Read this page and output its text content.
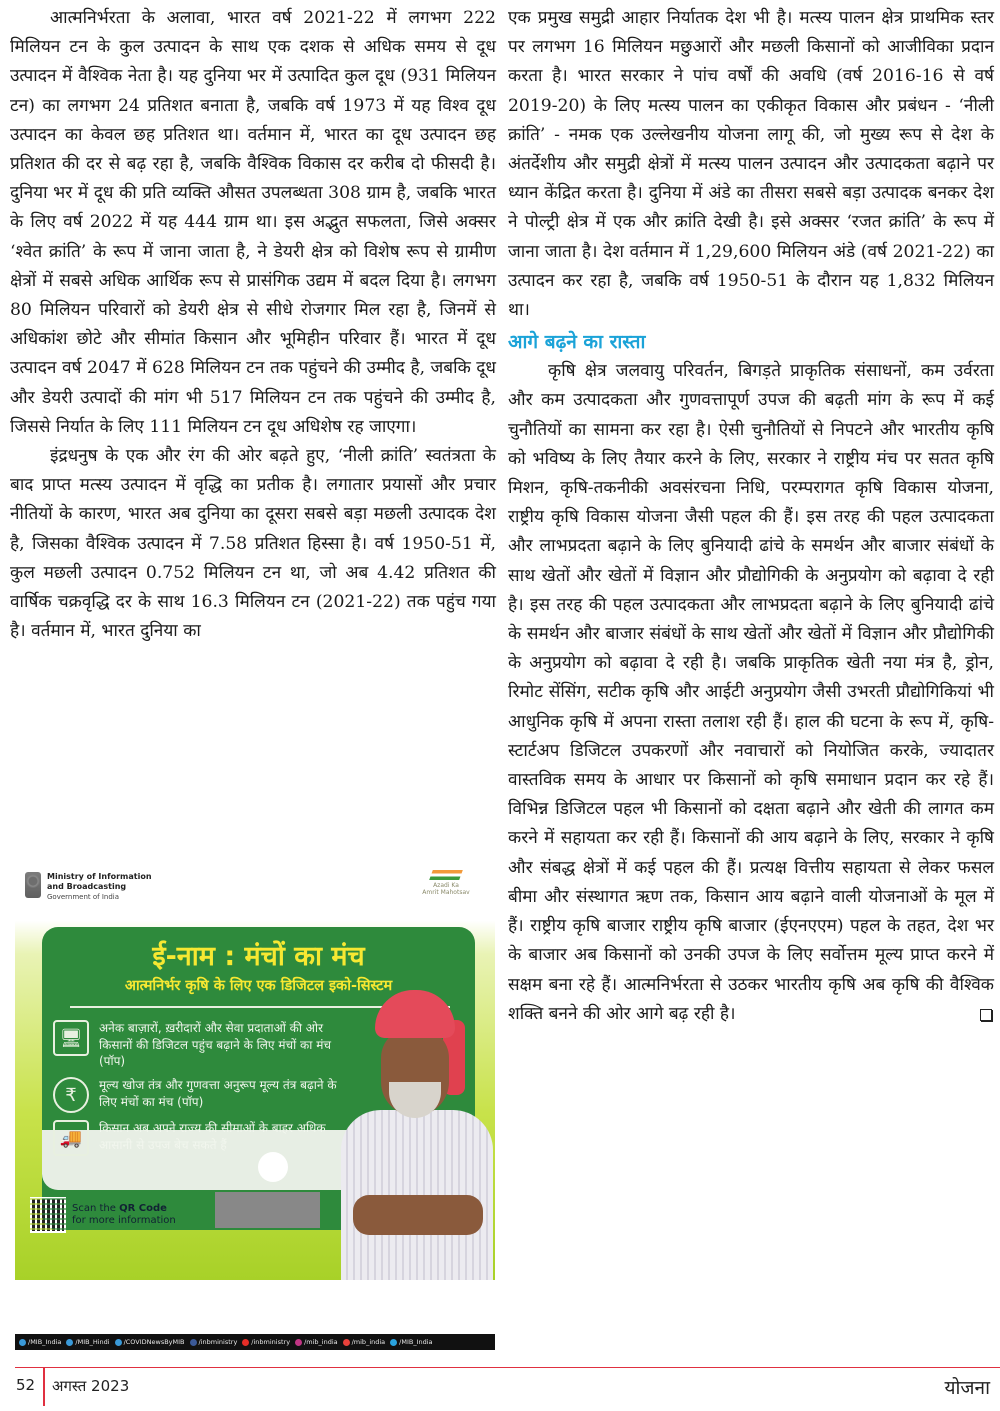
आत्मनिर्भरता के अलावा, भारत वर्ष 2021-22 में लगभग 222 मिलियन टन के कुल उत्पादन के साथ एक दशक से अधिक समय से दूध उत्पादन में वैश्विक नेता है। यह दुनिया भर में उत्पादित कुल दूध (931 मिलियन टन) का लगभग 24 प्रतिशत बनाता है, जबकि वर्ष 1973 में यह विश्व दूध उत्पादन का केवल छह प्रतिशत था। वर्तमान में, भारत का दूध उत्पादन छह प्रतिशत की दर से बढ़ रहा है, जबकि वैश्विक विकास दर करीब दो फीसदी है। दुनिया भर में दूध की प्रति व्यक्ति औसत उपलब्धता 308 ग्राम है, जबकि भारत के लिए वर्ष 2022 में यह 444 ग्राम था। इस अद्भुत सफलता, जिसे अक्सर ‘श्वेत क्रांति’ के रूप में जाना जाता है, ने डेयरी क्षेत्र को विशेष रूप से ग्रामीण क्षेत्रों में सबसे अधिक आर्थिक रूप से प्रासंगिक उद्यम में बदल दिया है। लगभग 80 मिलियन परिवारों को डेयरी क्षेत्र से सीधे रोजगार मिल रहा है, जिनमें से अधिकांश छोटे और सीमांत किसान और भूमिहीन परिवार हैं। भारत में दूध उत्पादन वर्ष 2047 में 628 मिलियन टन तक पहुंचने की उम्मीद है, जबकि दूध और डेयरी उत्पादों की मांग भी 517 मिलियन टन तक पहुंचने की उम्मीद है, जिससे निर्यात के लिए 111 मिलियन टन दूध अधिशेष रह जाएगा।

इंद्रधनुष के एक और रंग की ओर बढ़ते हुए, ‘नीली क्रांति’ स्वतंत्रता के बाद प्राप्त मत्स्य उत्पादन में वृद्धि का प्रतीक है। लगातार प्रयासों और प्रचार नीतियों के कारण, भारत अब दुनिया का दूसरा सबसे बड़ा मछली उत्पादक देश है, जिसका वैश्विक उत्पादन में 7.58 प्रतिशत हिस्सा है। वर्ष 1950-51 में, कुल मछली उत्पादन 0.752 मिलियन टन था, जो अब 4.42 प्रतिशत की वार्षिक चक्रवृद्धि दर के साथ 16.3 मिलियन टन (2021-22) तक पहुंच गया है। वर्तमान में, भारत दुनिया का

Ministry of Information
and Broadcasting
Government of India
Azadi Ka
Amrit Mahotsav
ई-नाम : मंचों का मंच
आत्मनिर्भर कृषि के लिए एक डिजिटल इको-सिस्टम
🖥	अनेक बाज़ारों, ख़रीदारों और सेवा प्रदाताओं की ओर किसानों की डिजिटल पहुंच बढ़ाने के लिए मंचों का मंच (पॉप)
₹	मूल्य खोज तंत्र और गुणवत्ता अनुरूप मूल्य तंत्र बढ़ाने के लिए मंचों का मंच (पॉप)
🚚	किसान अब अपने राज्य की सीमाओं के बाहर अधिक आसानी से उपज बेच सकते हैं
Scan the QR Code
for more information
/MIB_India /MIB_Hindi /COVIDNewsByMIB /inbministry /inbministry /mib_india /mib_india /MIB_India

एक प्रमुख समुद्री आहार निर्यातक देश भी है। मत्स्य पालन क्षेत्र प्राथमिक स्तर पर लगभग 16 मिलियन मछुआरों और मछली किसानों को आजीविका प्रदान करता है। भारत सरकार ने पांच वर्षों की अवधि (वर्ष 2016-16 से वर्ष 2019-20) के लिए मत्स्य पालन का एकीकृत विकास और प्रबंधन - ‘नीली क्रांति’ - नमक एक उल्लेखनीय योजना लागू की, जो मुख्य रूप से देश के अंतर्देशीय और समुद्री क्षेत्रों में मत्स्य पालन उत्पादन और उत्पादकता बढ़ाने पर ध्यान केंद्रित करता है। दुनिया में अंडे का तीसरा सबसे बड़ा उत्पादक बनकर देश ने पोल्ट्री क्षेत्र में एक और क्रांति देखी है। इसे अक्सर ‘रजत क्रांति’ के रूप में जाना जाता है। देश वर्तमान में 1,29,600 मिलियन अंडे (वर्ष 2021-22) का उत्पादन कर रहा है, जबकि वर्ष 1950-51 के दौरान यह 1,832 मिलियन था।

आगे बढ़ने का रास्ता

कृषि क्षेत्र जलवायु परिवर्तन, बिगड़ते प्राकृतिक संसाधनों, कम उर्वरता और कम उत्पादकता और गुणवत्तापूर्ण उपज की बढ़ती मांग के रूप में कई चुनौतियों का सामना कर रहा है। ऐसी चुनौतियों से निपटने और भारतीय कृषि को भविष्य के लिए तैयार करने के लिए, सरकार ने राष्ट्रीय मंच पर सतत कृषि मिशन, कृषि-तकनीकी अवसंरचना निधि, परम्परागत कृषि विकास योजना, राष्ट्रीय कृषि विकास योजना जैसी पहल की हैं। इस तरह की पहल उत्पादकता और लाभप्रदता बढ़ाने के लिए बुनियादी ढांचे के समर्थन और बाजार संबंधों के साथ खेतों और खेतों में विज्ञान और प्रौद्योगिकी के अनुप्रयोग को बढ़ावा दे रही है। इस तरह की पहल उत्पादकता और लाभप्रदता बढ़ाने के लिए बुनियादी ढांचे के समर्थन और बाजार संबंधों के साथ खेतों और खेतों में विज्ञान और प्रौद्योगिकी के अनुप्रयोग को बढ़ावा दे रही है। जबकि प्राकृतिक खेती नया मंत्र है, ड्रोन, रिमोट सेंसिंग, सटीक कृषि और आईटी अनुप्रयोग जैसी उभरती प्रौद्योगिकियां भी आधुनिक कृषि में अपना रास्ता तलाश रही हैं। हाल की घटना के रूप में, कृषि-स्टार्टअप डिजिटल उपकरणों और नवाचारों को नियोजित करके, ज्यादातर वास्तविक समय के आधार पर किसानों को कृषि समाधान प्रदान कर रहे हैं। विभिन्न डिजिटल पहल भी किसानों को दक्षता बढ़ाने और खेती की लागत कम करने में सहायता कर रही हैं। किसानों की आय बढ़ाने के लिए, सरकार ने कृषि और संबद्ध क्षेत्रों में कई पहल की हैं। प्रत्यक्ष वित्तीय सहायता से लेकर फसल बीमा और संस्थागत ऋण तक, किसान आय बढ़ाने वाली योजनाओं के मूल में हैं। राष्ट्रीय कृषि बाजार राष्ट्रीय कृषि बाजार (ईएनएएम) पहल के तहत, देश भर के बाजार अब किसानों को उनकी उपज के लिए सर्वोत्तम मूल्य प्राप्त करने में सक्षम बना रहे हैं। आत्मनिर्भरता से उठकर भारतीय कृषि अब कृषि की वैश्विक शक्ति बनने की ओर आगे बढ़ रही है।

52 अगस्त 2023	योजना
